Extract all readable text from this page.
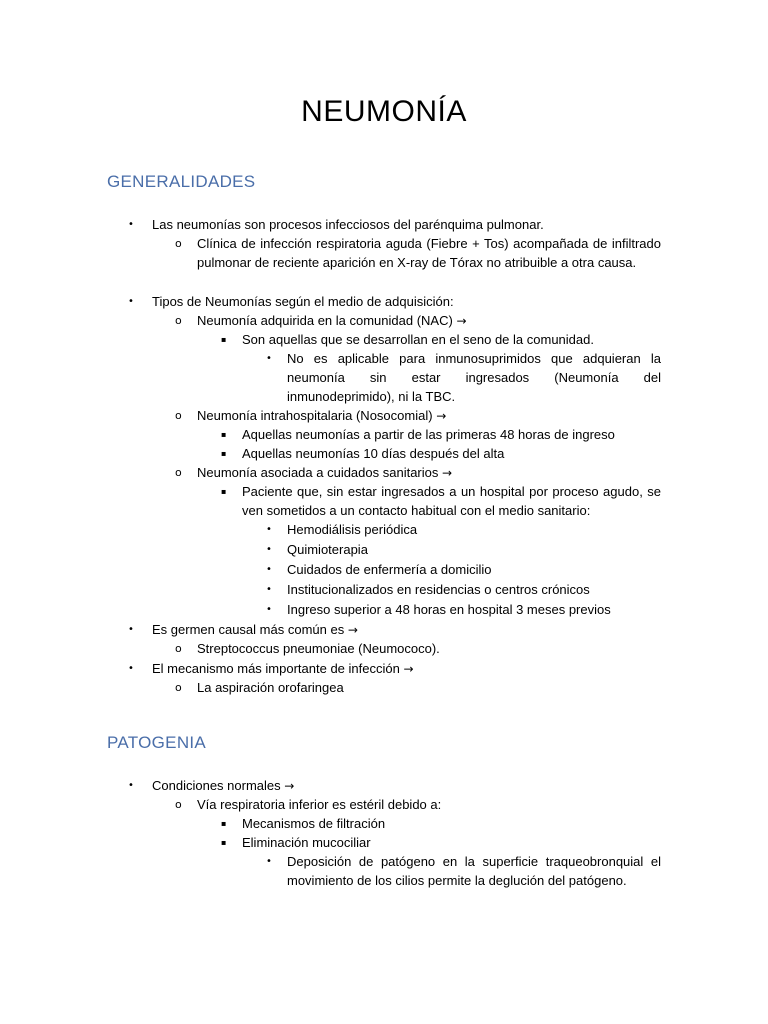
NEUMONÍA
GENERALIDADES
• Las neumonías son procesos infecciosos del parénquima pulmonar.
o Clínica de infección respiratoria aguda (Fiebre + Tos) acompañada de infiltrado pulmonar de reciente aparición en X-ray de Tórax no atribuible a otra causa.
• Tipos de Neumonías según el medio de adquisición:
o Neumonía adquirida en la comunidad (NAC) →
▪ Son aquellas que se desarrollan en el seno de la comunidad.
• No es aplicable para inmunosuprimidos que adquieran la neumonía sin estar ingresados (Neumonía del inmunodeprimido), ni la TBC.
o Neumonía intrahospitalaria (Nosocomial) →
▪ Aquellas neumonías a partir de las primeras 48 horas de ingreso
▪ Aquellas neumonías 10 días después del alta
o Neumonía asociada a cuidados sanitarios →
▪ Paciente que, sin estar ingresados a un hospital por proceso agudo, se ven sometidos a un contacto habitual con el medio sanitario:
• Hemodiálisis periódica
• Quimioterapia
• Cuidados de enfermería a domicilio
• Institucionalizados en residencias o centros crónicos
• Ingreso superior a 48 horas en hospital 3 meses previos
• Es germen causal más común es →
o Streptococcus pneumoniae (Neumococo).
• El mecanismo más importante de infección →
o La aspiración orofaringea
PATOGENIA
• Condiciones normales →
o Vía respiratoria inferior es estéril debido a:
▪ Mecanismos de filtración
▪ Eliminación mucociliar
• Deposición de patógeno en la superficie traqueobronquial el movimiento de los cilios permite la deglución del patógeno.
